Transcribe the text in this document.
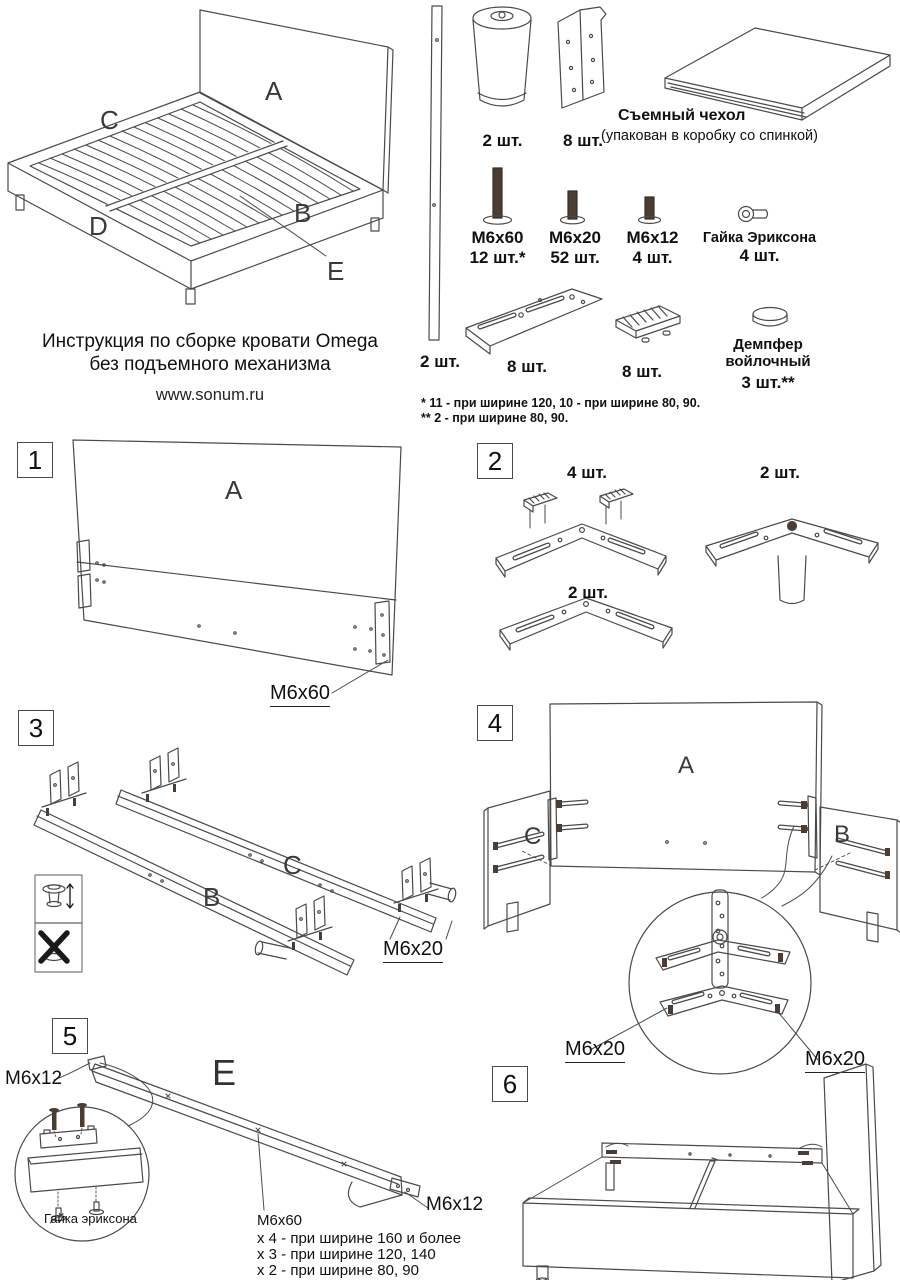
A
C
B
D
E
Инструкция по сборке кровати Omega
без подъемного механизма
www.sonum.ru
2 шт.
2 шт.	8 шт.
Съемный чехол
(упакован в коробку со спинкой)
M6x60
12 шт.*
M6x20
52 шт.
M6x12
4 шт.
Гайка Эриксона
4 шт.
8 шт.	8 шт.
Демпфер войлочный
3 шт.**
* 11 - при ширине 120, 10 - при ширине 80, 90.
** 2 - при ширине 80, 90.
1
A
M6x60
2	4 шт.	2 шт.
2 шт.
3
C
B
M6x20
4
A
C	B
M6x20	M6x20
5
M6x12	E
Гайка эриксона
M6x12
M6x60
x 4 - при ширине 160 и более
x 3 - при ширине 120, 140
x 2 - при ширине 80, 90
6
